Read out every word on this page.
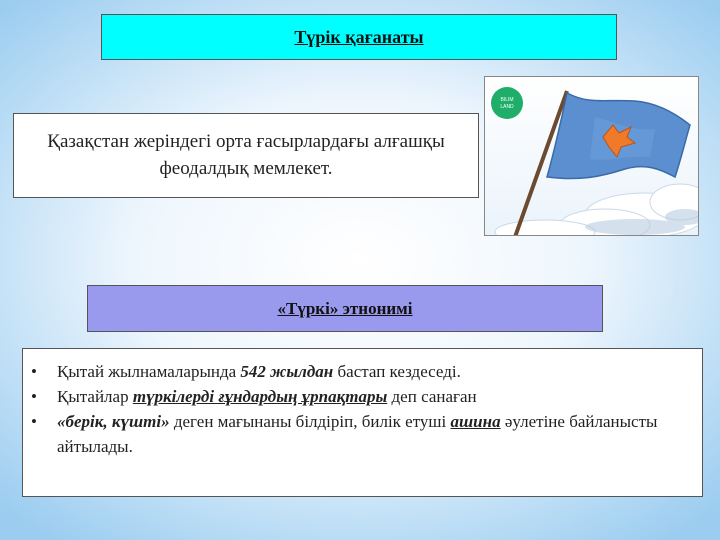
Түрік қағанаты
Қазақстан жеріндегі орта ғасырлардағы алғашқы феодалдық мемлекет.
BILIM
LAND
«Түркі» этнонимі
• Қытай жылнамаларында 542 жылдан бастап кездеседі.
• Қытайлар түркілерді ғұндардың ұрпақтары деп санаған
• «берік, күшті» деген мағынаны білдіріп, билік етуші ашина әулетіне байланысты айтылады.
